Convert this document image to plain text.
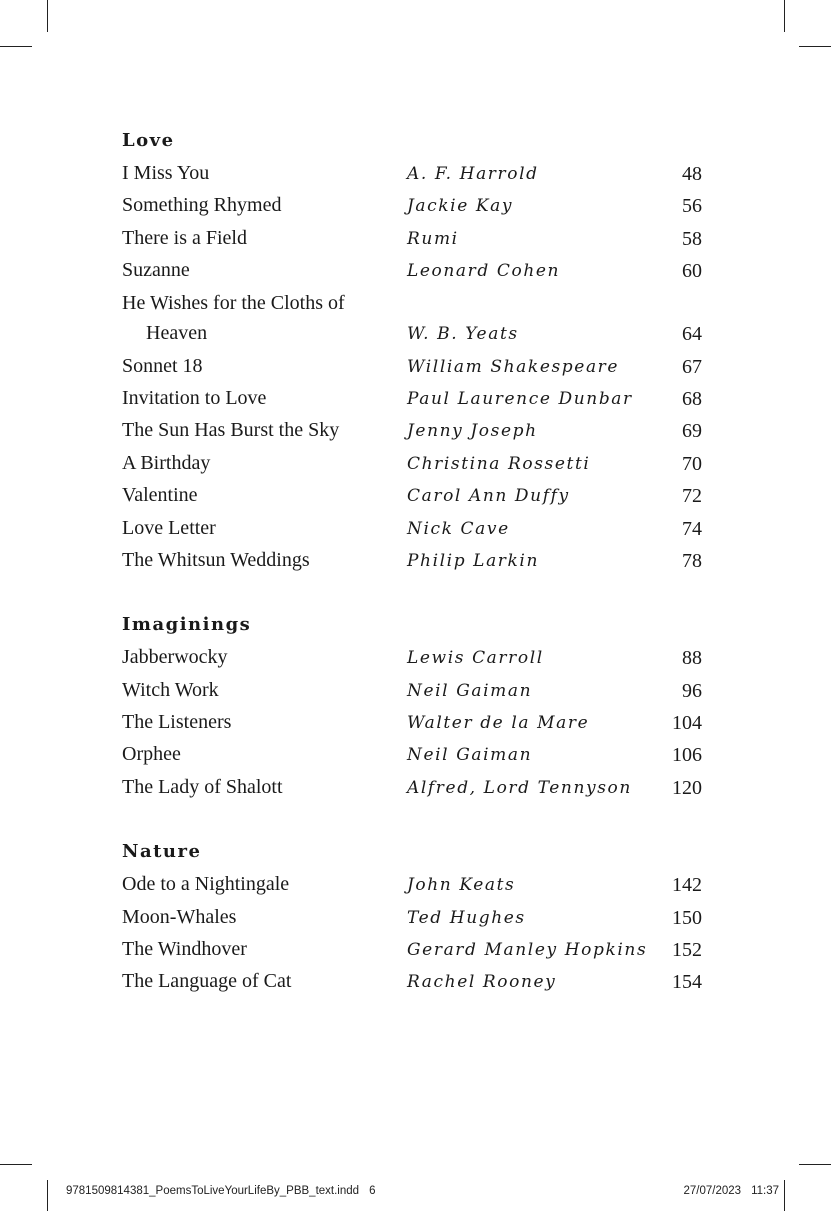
Love
I Miss You	A. F. Harrold	48
Something Rhymed	Jackie Kay	56
There is a Field	Rumi	58
Suzanne	Leonard Cohen	60
He Wishes for the Cloths of
Heaven	W. B. Yeats	64
Sonnet 18	William Shakespeare	67
Invitation to Love	Paul Laurence Dunbar 68
The Sun Has Burst the Sky	Jenny Joseph	69
A Birthday	Christina Rossetti	70
Valentine	Carol Ann Duffy	72
Love Letter	Nick Cave	74
The Whitsun Weddings	Philip Larkin	78
Imaginings
Jabberwocky	Lewis Carroll	88
Witch Work	Neil Gaiman	96
The Listeners	Walter de la Mare	104
Orphee	Neil Gaiman	106
The Lady of Shalott	Alfred, Lord Tennyson 120
Nature
Ode to a Nightingale	John Keats	142
Moon-Whales	Ted Hughes	150
The Windhover	Gerard Manley Hopkins 152
The Language of Cat	Rachel Rooney	154
9781509814381_PoemsToLiveYourLifeBy_PBB_text.indd 6	27/07/2023 11:37
